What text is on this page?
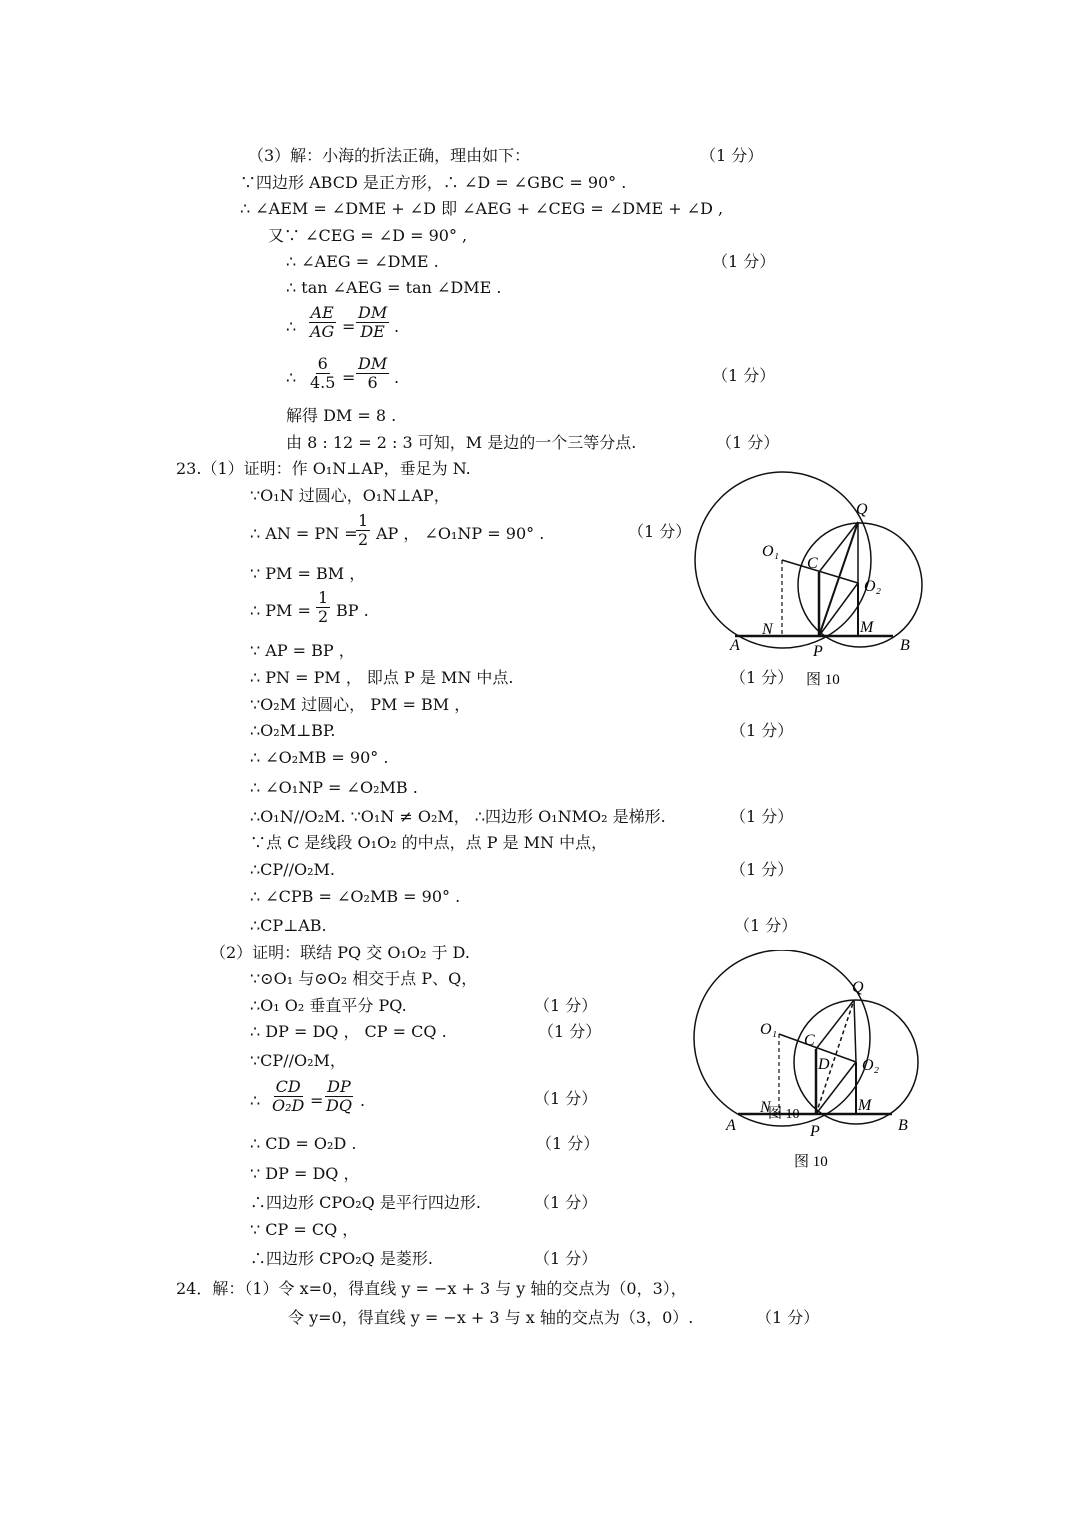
（3）解：小海的折法正确，理由如下：	（1 分）
∵四边形 ABCD 是正方形，∴ ∠D = ∠GBC = 90° .
∴ ∠AEM = ∠DME + ∠D 即 ∠AEG + ∠CEG = ∠DME + ∠D ,
又∵ ∠CEG = ∠D = 90° ,
∴ ∠AEG = ∠DME .	（1 分）
∴ tan ∠AEG = tan ∠DME .
∴ $\frac{AE}{AG} = \frac{DM}{DE}$ .
∴ $\frac{6}{4.5} = \frac{DM}{6}$ .	（1 分）
解得 DM = 8 .
由 8 : 12 = 2 : 3 可知，M 是边的一个三等分点.	（1 分）
23.（1）证明：作 O₁N⊥AP，垂足为 N.
∵O₁N 过圆心，O₁N⊥AP，
∴ AN = PN =
$\frac{1}{2}$ AP ， ∠O₁NP = 90° .	（1 分）
∵ PM = BM ，
∴ PM = $\frac{1}{2}$ BP .
∵ AP = BP ，
∴ PN = PM ， 即点 P 是 MN 中点.	（1 分）
∵O₂M 过圆心， PM = BM ，
∴O₂M⊥BP.	（1 分）
∴ ∠O₂MB = 90° .
∴ ∠O₁NP = ∠O₂MB .
∴O₁N//O₂M. ∵O₁N ≠ O₂M， ∴四边形 O₁NMO₂ 是梯形.	（1 分）
∵点 C 是线段 O₁O₂ 的中点，点 P 是 MN 中点，
∴CP//O₂M.	（1 分）
∴ ∠CPB = ∠O₂MB = 90° .
∴CP⊥AB.	（1 分）
（2）证明：联结 PQ 交 O₁O₂ 于 D.
∵⊙O₁ 与⊙O₂ 相交于点 P、Q，
∴O₁ O₂ 垂直平分 PQ.	（1 分）
∴ DP = DQ ， CP = CQ .	（1 分）
∵CP//O₂M，
∴ $\frac{CD}{\text{O₂D}} = \frac{DP}{DQ}$ .	（1 分）
∴ CD = O₂D .	（1 分）
∵ DP = DQ ，
∴四边形 CPO₂Q 是平行四边形.	（1 分）
∵ CP = CQ ，
∴四边形 CPO₂Q 是菱形.	（1 分）
24．解：（1）令 x=0，得直线 y = −x + 3 与 y 轴的交点为（0，3），
令 y=0，得直线 y = −x + 3 与 x 轴的交点为（3，0）.	（1 分）
Q
O₁
C
O₂
N	M
A	P	B
图 10
Q
O₁
C
D O₂
N
图 10
M
A	P	B
图 10
